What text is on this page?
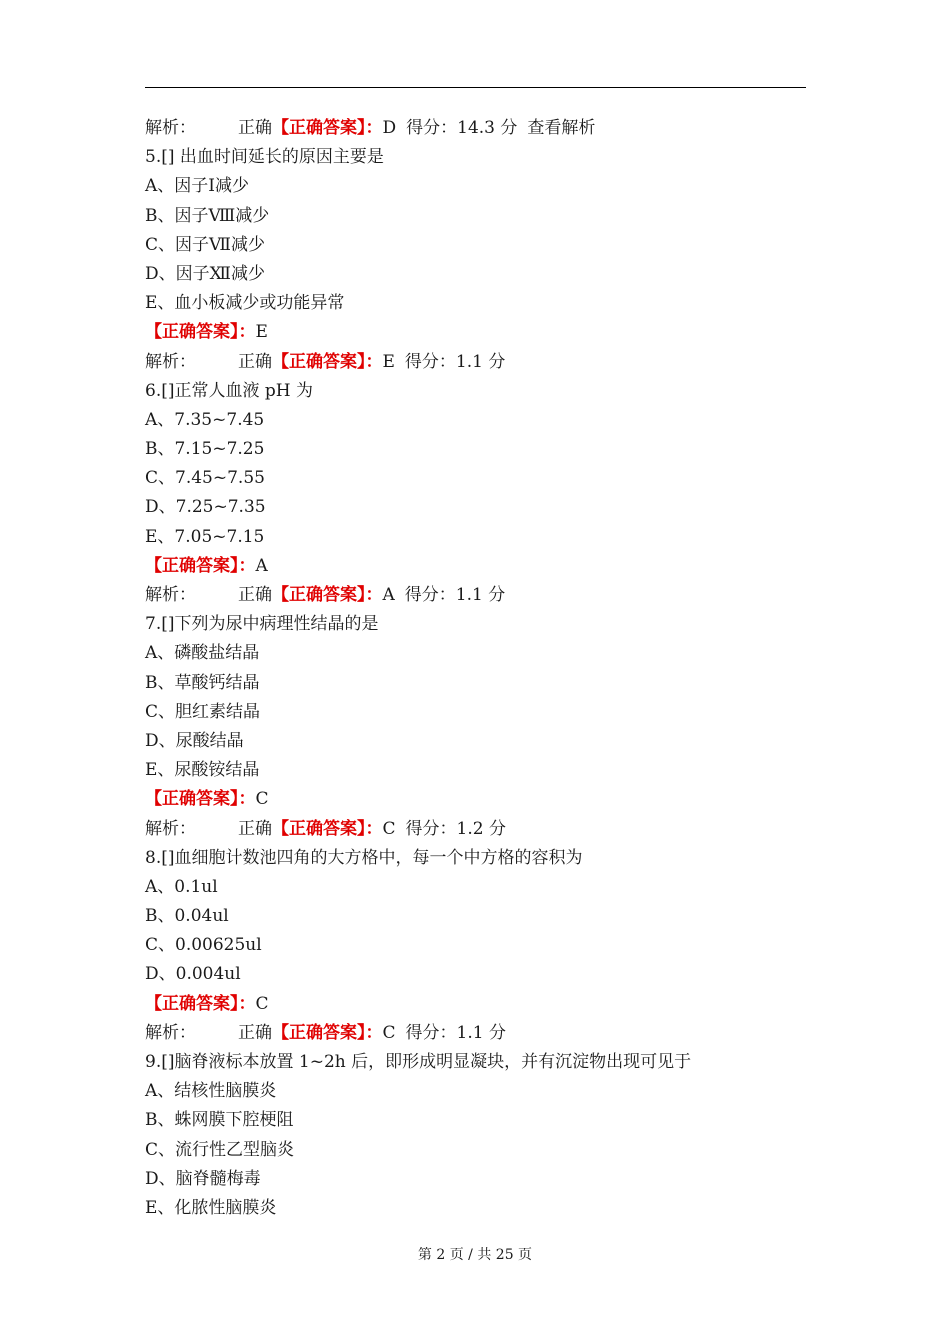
解析： 正确【正确答案】：D 得分：14.3 分 查看解析
5.[] 出血时间延长的原因主要是
A、因子Ⅰ减少
B、因子Ⅷ减少
C、因子Ⅶ减少
D、因子Ⅻ减少
E、血小板减少或功能异常
【正确答案】：E
解析： 正确【正确答案】：E 得分：1.1 分
6.[]正常人血液 pH 为
A、7.35~7.45
B、7.15~7.25
C、7.45~7.55
D、7.25~7.35
E、7.05~7.15
【正确答案】：A
解析： 正确【正确答案】：A 得分：1.1 分
7.[]下列为尿中病理性结晶的是
A、磷酸盐结晶
B、草酸钙结晶
C、胆红素结晶
D、尿酸结晶
E、尿酸铵结晶
【正确答案】：C
解析： 正确【正确答案】：C 得分：1.2 分
8.[]血细胞计数池四角的大方格中，每一个中方格的容积为
A、0.1ul
B、0.04ul
C、0.00625ul
D、0.004ul
【正确答案】：C
解析： 正确【正确答案】：C 得分：1.1 分
9.[]脑脊液标本放置 1~2h 后，即形成明显凝块，并有沉淀物出现可见于
A、结核性脑膜炎
B、蛛网膜下腔梗阻
C、流行性乙型脑炎
D、脑脊髓梅毒
E、化脓性脑膜炎
第 2 页 / 共 25 页
